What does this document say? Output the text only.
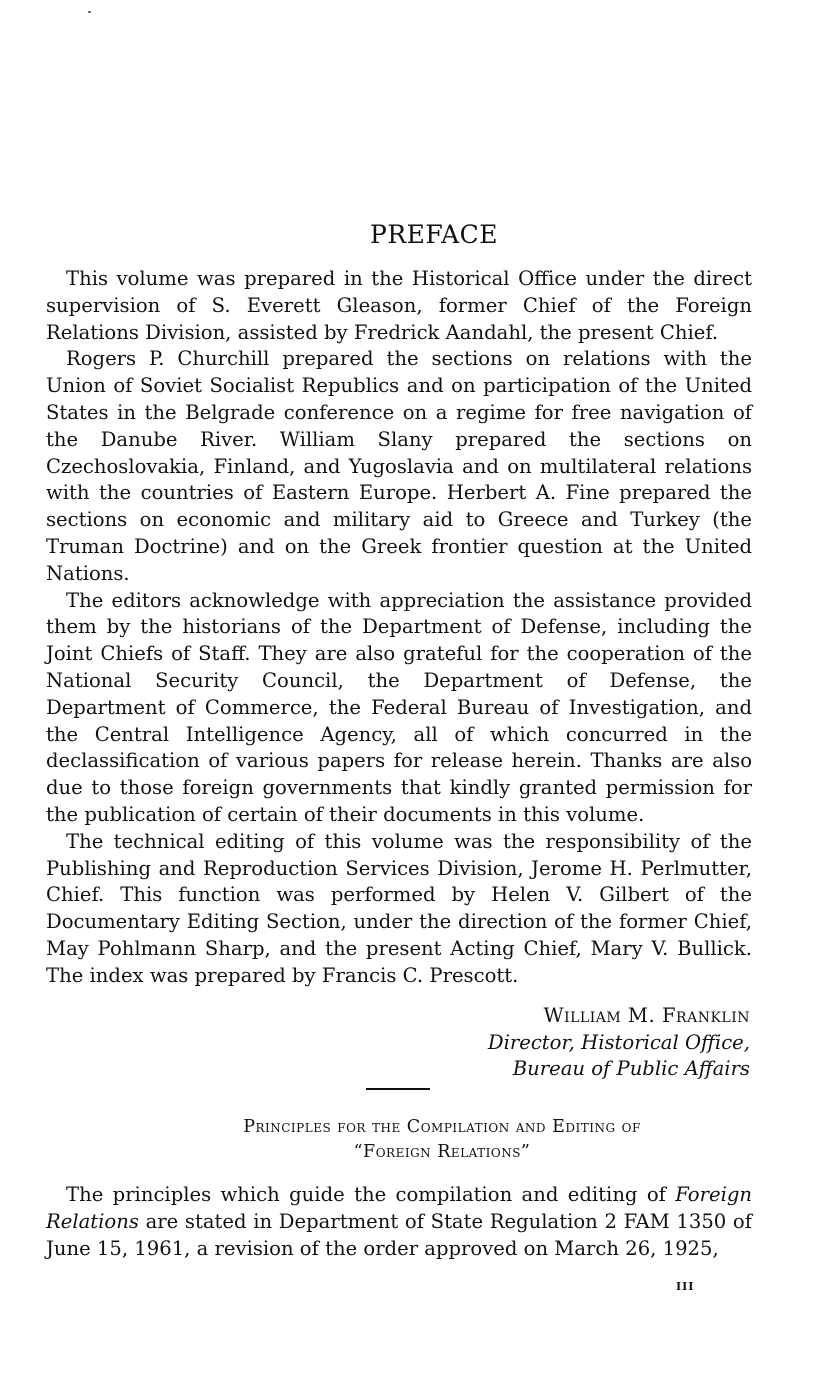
PREFACE

This volume was prepared in the Historical Office under the direct supervision of S. Everett Gleason, former Chief of the Foreign Relations Division, assisted by Fredrick Aandahl, the present Chief.

Rogers P. Churchill prepared the sections on relations with the Union of Soviet Socialist Republics and on participation of the United States in the Belgrade conference on a regime for free navigation of the Danube River. William Slany prepared the sections on Czechoslovakia, Finland, and Yugoslavia and on multilateral relations with the countries of Eastern Europe. Herbert A. Fine prepared the sections on economic and military aid to Greece and Turkey (the Truman Doctrine) and on the Greek frontier question at the United Nations.

The editors acknowledge with appreciation the assistance provided them by the historians of the Department of Defense, including the Joint Chiefs of Staff. They are also grateful for the cooperation of the National Security Council, the Department of Defense, the Department of Commerce, the Federal Bureau of Investigation, and the Central Intelligence Agency, all of which concurred in the declassification of various papers for release herein. Thanks are also due to those foreign governments that kindly granted permission for the publication of certain of their documents in this volume.

The technical editing of this volume was the responsibility of the Publishing and Reproduction Services Division, Jerome H. Perlmutter, Chief. This function was performed by Helen V. Gilbert of the Documentary Editing Section, under the direction of the former Chief, May Pohlmann Sharp, and the present Acting Chief, Mary V. Bullick. The index was prepared by Francis C. Prescott.

William M. Franklin
Director, Historical Office,
Bureau of Public Affairs
Principles for the Compilation and Editing of
“Foreign Relations”

The principles which guide the compilation and editing of Foreign Relations are stated in Department of State Regulation 2 FAM 1350 of June 15, 1961, a revision of the order approved on March 26, 1925,

iii
